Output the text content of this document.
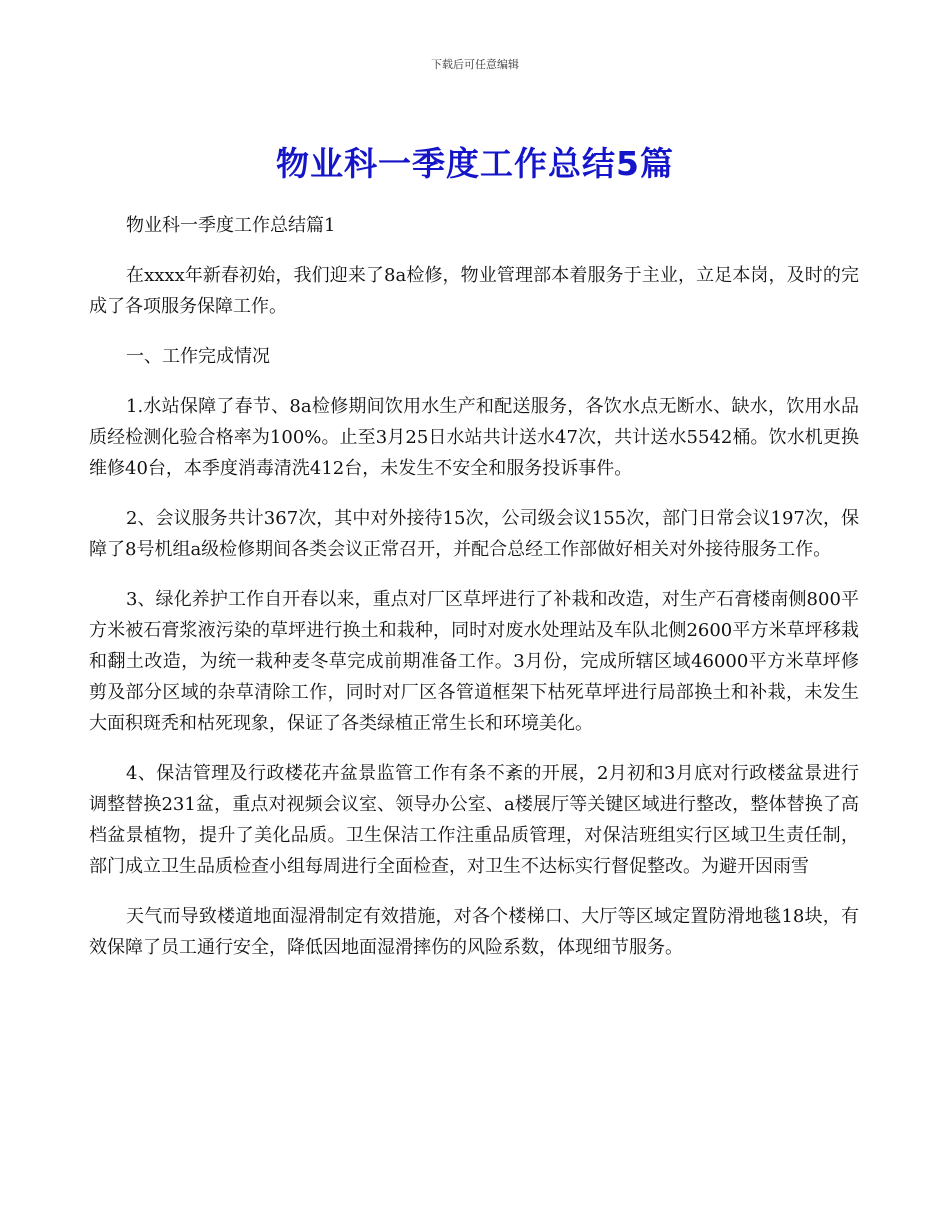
下载后可任意编辑
物业科一季度工作总结5篇

物业科一季度工作总结篇1

在xxxx年新春初始，我们迎来了8a检修，物业管理部本着服务于主业，立足本岗，及时的完成了各项服务保障工作。

一、工作完成情况

1.水站保障了春节、8a检修期间饮用水生产和配送服务，各饮水点无断水、缺水，饮用水品质经检测化验合格率为100%。止至3月25日水站共计送水47次，共计送水5542桶。饮水机更换维修40台，本季度消毒清洗412台，未发生不安全和服务投诉事件。

2、会议服务共计367次，其中对外接待15次，公司级会议155次，部门日常会议197次，保障了8号机组a级检修期间各类会议正常召开，并配合总经工作部做好相关对外接待服务工作。

3、绿化养护工作自开春以来，重点对厂区草坪进行了补栽和改造，对生产石膏楼南侧800平方米被石膏浆液污染的草坪进行换土和栽种，同时对废水处理站及车队北侧2600平方米草坪移栽和翻土改造，为统一栽种麦冬草完成前期准备工作。3月份，完成所辖区域46000平方米草坪修剪及部分区域的杂草清除工作，同时对厂区各管道框架下枯死草坪进行局部换土和补栽，未发生大面积斑秃和枯死现象，保证了各类绿植正常生长和环境美化。

4、保洁管理及行政楼花卉盆景监管工作有条不紊的开展，2月初和3月底对行政楼盆景进行调整替换231盆，重点对视频会议室、领导办公室、a楼展厅等关键区域进行整改，整体替换了高档盆景植物，提升了美化品质。卫生保洁工作注重品质管理，对保洁班组实行区域卫生责任制，部门成立卫生品质检查小组每周进行全面检查，对卫生不达标实行督促整改。为避开因雨雪

天气而导致楼道地面湿滑制定有效措施，对各个楼梯口、大厅等区域定置防滑地毯18块，有效保障了员工通行安全，降低因地面湿滑摔伤的风险系数，体现细节服务。
